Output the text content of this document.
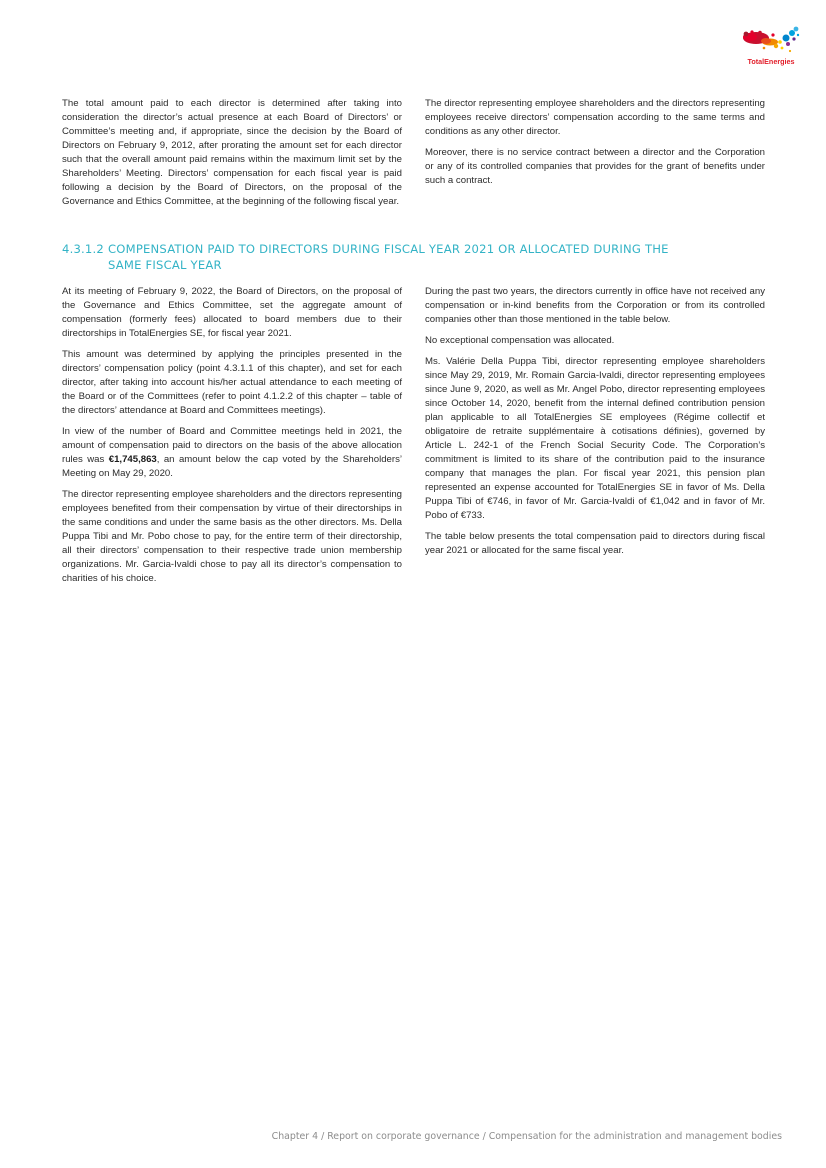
TotalEnergies

The total amount paid to each director is determined after taking into consideration the director’s actual presence at each Board of Directors’ or Committee’s meeting and, if appropriate, since the decision by the Board of Directors on February 9, 2012, after prorating the amount set for each director such that the overall amount paid remains within the maximum limit set by the Shareholders’ Meeting. Directors’ compensation for each fiscal year is paid following a decision by the Board of Directors, on the proposal of the Governance and Ethics Committee, at the beginning of the following fiscal year.

The director representing employee shareholders and the directors representing employees receive directors’ compensation according to the same terms and conditions as any other director.

Moreover, there is no service contract between a director and the Corporation or any of its controlled companies that provides for the grant of benefits under such a contract.

4.3.1.2 COMPENSATION PAID TO DIRECTORS DURING FISCAL YEAR 2021 OR ALLOCATED DURING THE
SAME FISCAL YEAR

At its meeting of February 9, 2022, the Board of Directors, on the proposal of the Governance and Ethics Committee, set the aggregate amount of compensation (formerly fees) allocated to board members due to their directorships in TotalEnergies SE, for fiscal year 2021.

This amount was determined by applying the principles presented in the directors’ compensation policy (point 4.3.1.1 of this chapter), and set for each director, after taking into account his/her actual attendance to each meeting of the Board or of the Committees (refer to point 4.1.2.2 of this chapter – table of the directors’ attendance at Board and Committees meetings).

In view of the number of Board and Committee meetings held in 2021, the amount of compensation paid to directors on the basis of the above allocation rules was €1,745,863, an amount below the cap voted by the Shareholders’ Meeting on May 29, 2020.

The director representing employee shareholders and the directors representing employees benefited from their compensation by virtue of their directorships in the same conditions and under the same basis as the other directors. Ms. Della Puppa Tibi and Mr. Pobo chose to pay, for the entire term of their directorship, all their directors’ compensation to their respective trade union membership organizations. Mr. Garcia-Ivaldi chose to pay all its director’s compensation to charities of his choice.

During the past two years, the directors currently in office have not received any compensation or in-kind benefits from the Corporation or from its controlled companies other than those mentioned in the table below.

No exceptional compensation was allocated.

Ms. Valérie Della Puppa Tibi, director representing employee shareholders since May 29, 2019, Mr. Romain Garcia-Ivaldi, director representing employees since June 9, 2020, as well as Mr. Angel Pobo, director representing employees since October 14, 2020, benefit from the internal defined contribution pension plan applicable to all TotalEnergies SE employees (Régime collectif et obligatoire de retraite supplémentaire à cotisations définies), governed by Article L. 242-1 of the French Social Security Code. The Corporation’s commitment is limited to its share of the contribution paid to the insurance company that manages the plan. For fiscal year 2021, this pension plan represented an expense accounted for TotalEnergies SE in favor of Ms. Della Puppa Tibi of €746, in favor of Mr. Garcia-Ivaldi of €1,042 and in favor of Mr. Pobo of €733.

The table below presents the total compensation paid to directors during fiscal year 2021 or allocated for the same fiscal year.

Chapter 4 / Report on corporate governance / Compensation for the administration and management bodies
